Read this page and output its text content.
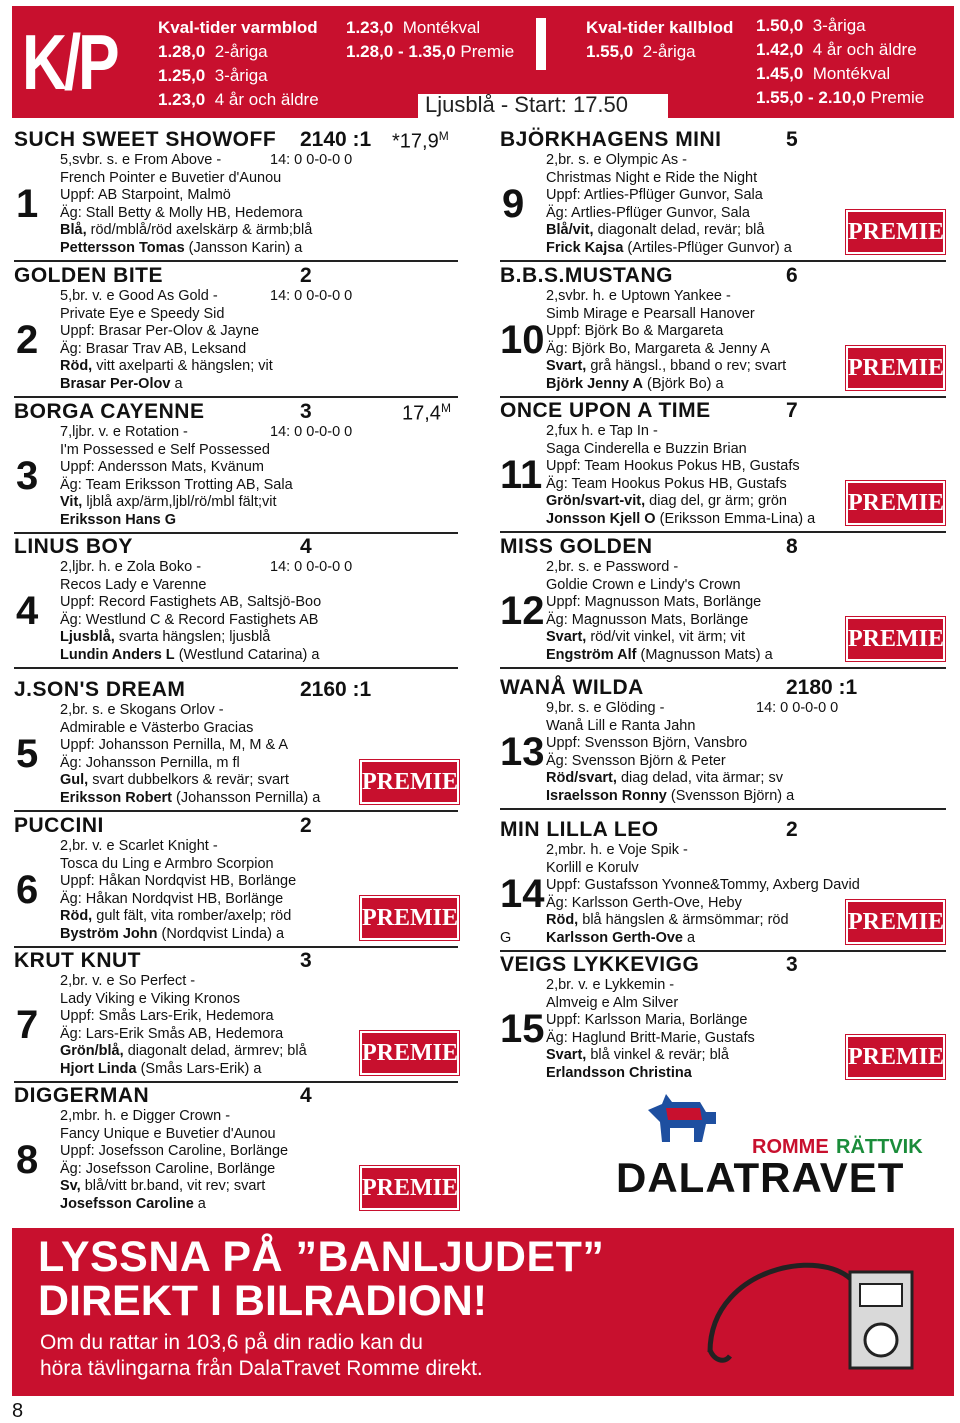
K/P Kval-tider varmblod
1.28,0 2-åriga
1.25,0 3-åriga
1.23,0 4 år och äldre
1.23,0 Montékval
1.28,0 - 1.35,0 Premie
Kval-tider kallblod
1.55,0 2-åriga
1.50,0 3-åriga
1.42,0 4 år och äldre
1.45,0 Montékval
1.55,0 - 2.10,0 Premie
Ljusblå - Start: 17.50
SUCH SWEET SHOWOFF 2140 :1 $*17,9^M$
5,svbr. s. e From Above -	14: 0 0-0-0 0
French Pointer e Buvetier d'Aunou
Uppf: AB Starpoint, Malmö
Äg: Stall Betty & Molly HB, Hedemora
Blå, röd/mblå/röd axelskärp & ärmb;blå
Pettersson Tomas (Jansson Karin) a
1
GOLDEN BITE	2
5,br. v. e Good As Gold -	14: 0 0-0-0 0
Private Eye e Speedy Sid
Uppf: Brasar Per-Olov & Jayne
Äg: Brasar Trav AB, Leksand
Röd, vitt axelparti & hängslen; vit
Brasar Per-Olov a
2
BORGA CAYENNE	3	$17,4^M$
7,ljbr. v. e Rotation -	14: 0 0-0-0 0
I'm Possessed e Self Possessed
Uppf: Andersson Mats, Kvänum
Äg: Team Eriksson Trotting AB, Sala
Vit, ljblå axp/ärm,ljbl/rö/mbl fält;vit
Eriksson Hans G
3
LINUS BOY	4
2,ljbr. h. e Zola Boko -	14: 0 0-0-0 0
Recos Lady e Varenne
Uppf: Record Fastighets AB, Saltsjö-Boo
Äg: Westlund C & Record Fastighets AB
Ljusblå, svarta hängslen; ljusblå
Lundin Anders L (Westlund Catarina) a
4
J.SON'S DREAM	2160 :1
2,br. s. e Skogans Orlov -
Admirable e Västerbo Gracias
Uppf: Johansson Pernilla, M, M & A
Äg: Johansson Pernilla, m fl
Gul, svart dubbelkors & revär; svart
Eriksson Robert (Johansson Pernilla) a
5
PREMIE
PUCCINI	2
2,br. v. e Scarlet Knight -
Tosca du Ling e Armbro Scorpion
Uppf: Håkan Nordqvist HB, Borlänge
Äg: Håkan Nordqvist HB, Borlänge
Röd, gult fält, vita romber/axelp; röd
Byström John (Nordqvist Linda) a
6
PREMIE
KRUT KNUT	3
2,br. v. e So Perfect -
Lady Viking e Viking Kronos
Uppf: Smås Lars-Erik, Hedemora
Äg: Lars-Erik Smås AB, Hedemora
Grön/blå, diagonalt delad, ärmrev; blå
Hjort Linda (Smås Lars-Erik) a
7
PREMIE
DIGGERMAN	4
2,mbr. h. e Digger Crown -
Fancy Unique e Buvetier d'Aunou
Uppf: Josefsson Caroline, Borlänge
Äg: Josefsson Caroline, Borlänge
Sv, blå/vitt br.band, vit rev; svart
Josefsson Caroline a
8
PREMIE
BJÖRKHAGENS MINI	5
2,br. s. e Olympic As -
Christmas Night e Ride the Night
Uppf: Artlies-Pflüger Gunvor, Sala
Äg: Artlies-Pflüger Gunvor, Sala
Blå/vit, diagonalt delad, revär; blå
Frick Kajsa (Artiles-Pflüger Gunvor) a
9
PREMIE
B.B.S.MUSTANG	6
2,svbr. h. e Uptown Yankee -
Simb Mirage e Pearsall Hanover
Uppf: Björk Bo & Margareta
Äg: Björk Bo, Margareta & Jenny A
Svart, grå hängsl., bband o rev; svart
Björk Jenny A (Björk Bo) a
10
PREMIE
ONCE UPON A TIME	7
2,fux h. e Tap In -
Saga Cinderella e Buzzin Brian
Uppf: Team Hookus Pokus HB, Gustafs
Äg: Team Hookus Pokus HB, Gustafs
Grön/svart-vit, diag del, gr ärm; grön
Jonsson Kjell O (Eriksson Emma-Lina) a
11
PREMIE
MISS GOLDEN	8
2,br. s. e Password -
Goldie Crown e Lindy's Crown
Uppf: Magnusson Mats, Borlänge
Äg: Magnusson Mats, Borlänge
Svart, röd/vit vinkel, vit ärm; vit
Engström Alf (Magnusson Mats) a
12
PREMIE
WANÅ WILDA	2180 :1
9,br. s. e Glöding -	14: 0 0-0-0 0
Wanå Lill e Ranta Jahn
Uppf: Svensson Björn, Vansbro
Äg: Svensson Björn & Peter
Röd/svart, diag delad, vita ärmar; sv
Israelsson Ronny (Svensson Björn) a
13
MIN LILLA LEO	2
2,mbr. h. e Voje Spik -
Korlill e Korulv
Uppf: Gustafsson Yvonne&Tommy, Axberg David
Äg: Karlsson Gerth-Ove, Heby
Röd, blå hängslen & ärmsömmar; röd
Karlsson Gerth-Ove a
14
G
PREMIE
VEIGS LYKKEVIGG	3
2,br. v. e Lykkemin -
Almveig e Alm Silver
Uppf: Karlsson Maria, Borlänge
Äg: Haglund Britt-Marie, Gustafs
Svart, blå vinkel & revär; blå
Erlandsson Christina
15
PREMIE
ROMME RÄTTVIK
DALATRAVET
LYSSNA PÅ ”BANLJUDET”
DIREKT I BILRADION!
Om du rattar in 103,6 på din radio kan du
höra tävlingarna från DalaTravet Romme direkt.
8
